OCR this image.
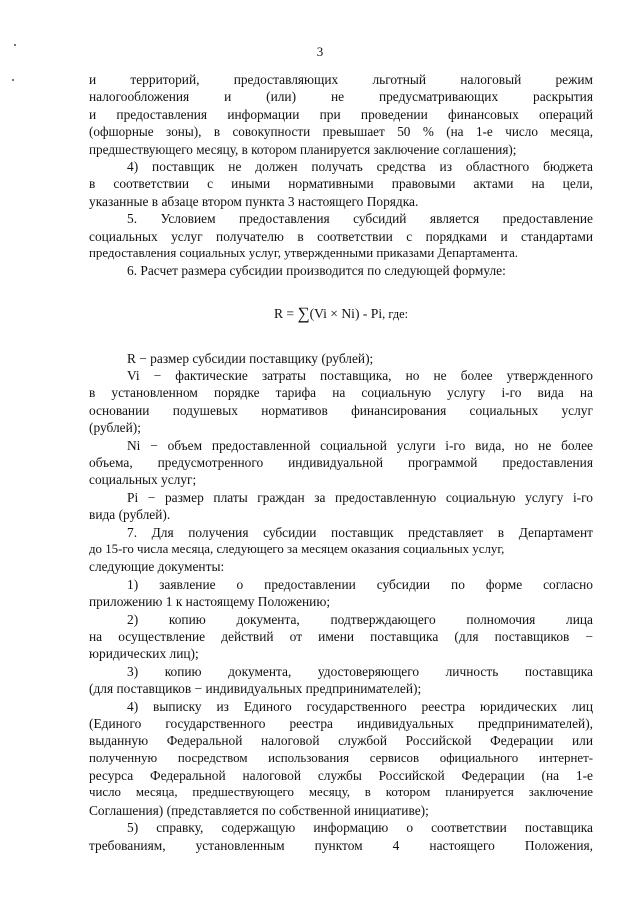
3
и территорий, предоставляющих льготный налоговый режим
налогообложения и (или) не предусматривающих раскрытия
и предоставления информации при проведении финансовых операций
(офшорные зоны), в совокупности превышает 50 % (на 1-е число месяца,
предшествующего месяцу, в котором планируется заключение соглашения);
4) поставщик не должен получать средства из областного бюджета
в соответствии с иными нормативными правовыми актами на цели,
указанные в абзаце втором пункта 3 настоящего Порядка.
5. Условием предоставления субсидий является предоставление
социальных услуг получателю в соответствии с порядками и стандартами
предоставления социальных услуг, утвержденными приказами Департамента.
6. Расчет размера субсидии производится по следующей формуле:
R = ∑(Vi × Ni) - Pi, где:
R − размер субсидии поставщику (рублей);
Vi − фактические затраты поставщика, но не более утвержденного
в установленном порядке тарифа на социальную услугу i-го вида на
основании подушевых нормативов финансирования социальных услуг
(рублей);
Ni − объем предоставленной социальной услуги i-го вида, но не более
объема, предусмотренного индивидуальной программой предоставления
социальных услуг;
Pi − размер платы граждан за предоставленную социальную услугу i-го
вида (рублей).
7. Для получения субсидии поставщик представляет в Департамент
до 15-го числа месяца, следующего за месяцем оказания социальных услуг,
следующие документы:
1) заявление о предоставлении субсидии по форме согласно
приложению 1 к настоящему Положению;
2) копию документа, подтверждающего полномочия лица
на осуществление действий от имени поставщика (для поставщиков −
юридических лиц);
3) копию документа, удостоверяющего личность поставщика
(для поставщиков − индивидуальных предпринимателей);
4) выписку из Единого государственного реестра юридических лиц
(Единого государственного реестра индивидуальных предпринимателей),
выданную Федеральной налоговой службой Российской Федерации или
полученную посредством использования сервисов официального интернет-
ресурса Федеральной налоговой службы Российской Федерации (на 1-е
число месяца, предшествующего месяцу, в котором планируется заключение
Соглашения) (представляется по собственной инициативе);
5) справку, содержащую информацию о соответствии поставщика
требованиям, установленным пунктом 4 настоящего Положения,
